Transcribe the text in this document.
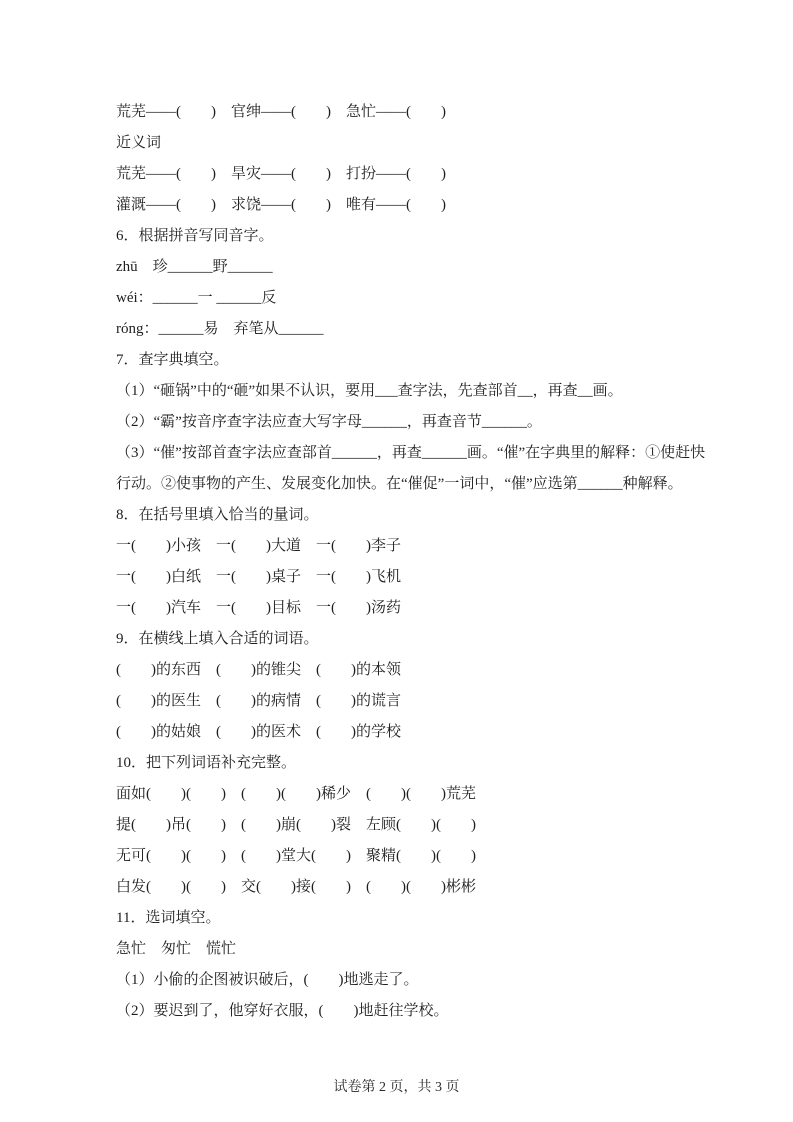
荒芜——(　　)　官绅——(　　)　急忙——(　　)

近义词

荒芜——(　　)　旱灾——(　　)　打扮——(　　)

灌溉——(　　)　求饶——(　　)　唯有——(　　)

6．根据拼音写同音字。

zhū　珍______野______

wéi：______一 ______反

róng：______易　弃笔从______

7．查字典填空。

（1）“砸锅”中的“砸”如果不认识，要用___查字法，先查部首__，再查__画。

（2）“霸”按音序查字法应查大写字母______，再查音节______。

（3）“催”按部首查字法应查部首______，再查______画。“催”在字典里的解释：①使赶快

行动。②使事物的产生、发展变化加快。在“催促”一词中，“催”应选第______种解释。

8．在括号里填入恰当的量词。

一(　　)小孩　一(　　)大道　一(　　)李子

一(　　)白纸　一(　　)桌子　一(　　)飞机

一(　　)汽车　一(　　)目标　一(　　)汤药

9．在横线上填入合适的词语。

(　　)的东西　(　　)的锥尖　(　　)的本领

(　　)的医生　(　　)的病情　(　　)的谎言

(　　)的姑娘　(　　)的医术　(　　)的学校

10．把下列词语补充完整。

面如(　　)(　　)　(　　)(　　)稀少　(　　)(　　)荒芜

提(　　)吊(　　)　(　　)崩(　　)裂　左顾(　　)(　　)

无可(　　)(　　)　(　　)堂大(　　)　聚精(　　)(　　)

白发(　　)(　　)　交(　　)接(　　)　(　　)(　　)彬彬

11．选词填空。

急忙　匆忙　慌忙

（1）小偷的企图被识破后，(　　)地逃走了。

（2）要迟到了，他穿好衣服，(　　)地赶往学校。

试卷第 2 页，共 3 页
